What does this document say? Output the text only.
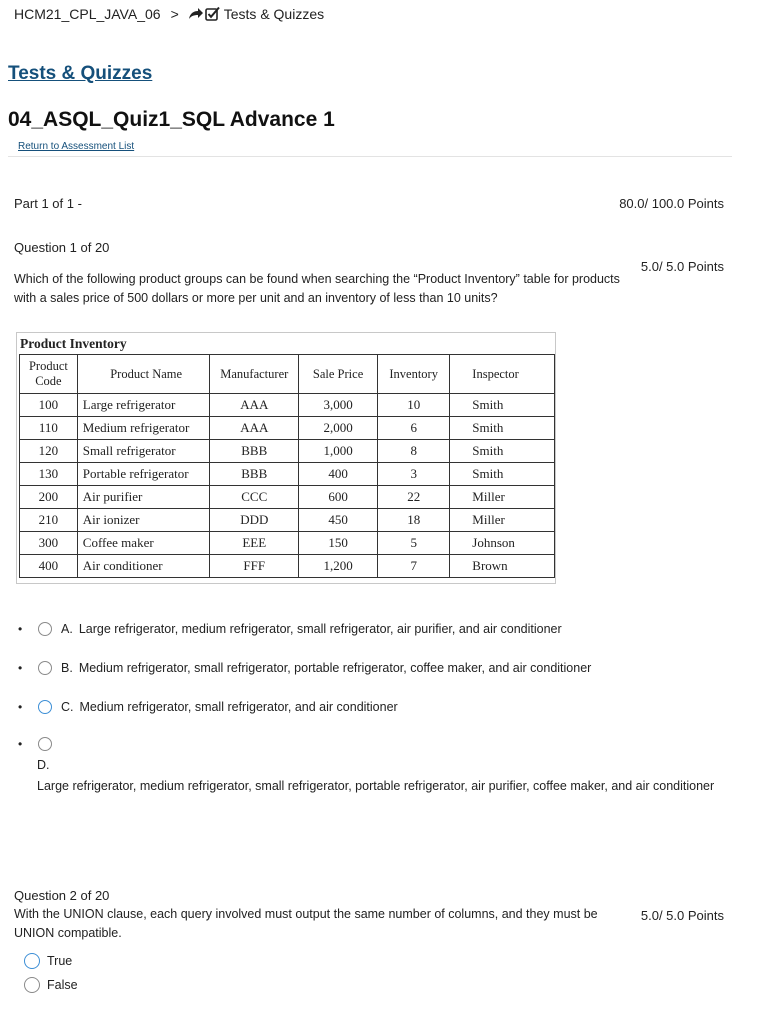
HCM21_CPL_JAVA_06 >	Tests & Quizzes
Tests & Quizzes
04_ASQL_Quiz1_SQL Advance 1
Return to Assessment List
Part 1 of 1 -	80.0/ 100.0 Points
Question 1 of 20
5.0/ 5.0 Points
Which of the following product groups can be found when searching the “Product Inventory” table for products with a sales price of 500 dollars or more per unit and an inventory of less than 10 units?
Product Inventory
Product Code	Product Name	Manufacturer	Sale Price	Inventory	Inspector
100	Large refrigerator	AAA	3,000	10	Smith
110	Medium refrigerator	AAA	2,000	6	Smith
120	Small refrigerator	BBB	1,000	8	Smith
130	Portable refrigerator	BBB	400	3	Smith
200	Air purifier	CCC	600	22	Miller
210	Air ionizer	DDD	450	18	Miller
300	Coffee maker	EEE	150	5	Johnson
400	Air conditioner	FFF	1,200	7	Brown
•	A. Large refrigerator, medium refrigerator, small refrigerator, air purifier, and air conditioner
•	B. Medium refrigerator, small refrigerator, portable refrigerator, coffee maker, and air conditioner
•	C. Medium refrigerator, small refrigerator, and air conditioner
•
D.
Large refrigerator, medium refrigerator, small refrigerator, portable refrigerator, air purifier, coffee maker, and air conditioner
Question 2 of 20
With the UNION clause, each query involved must output the same number of columns, and they must be UNION compatible.
5.0/ 5.0 Points
True
False
